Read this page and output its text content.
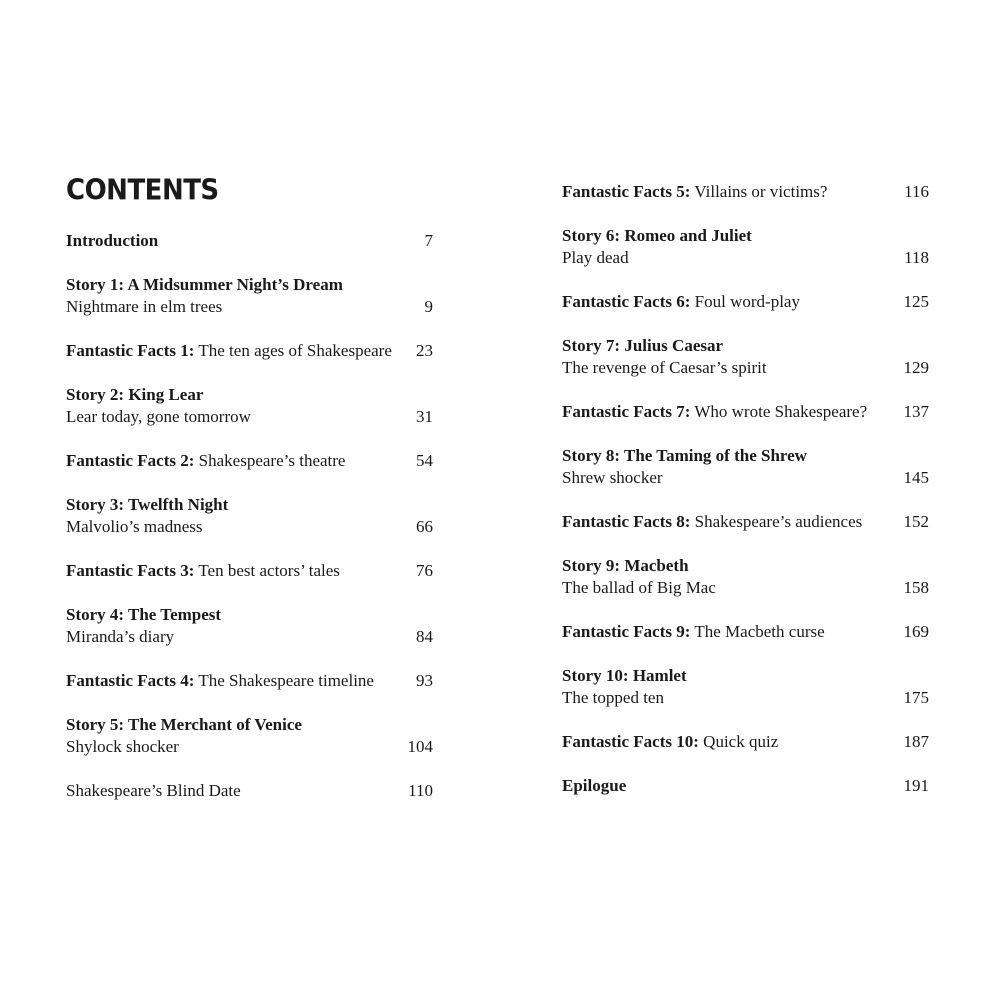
CONTENTS
Introduction	7
Story 1: A Midsummer Night’s Dream
Nightmare in elm trees	9
Fantastic Facts 1: The ten ages of Shakespeare 23
Story 2: King Lear
Lear today, gone tomorrow	31
Fantastic Facts 2: Shakespeare’s theatre	54
Story 3: Twelfth Night
Malvolio’s madness	66
Fantastic Facts 3: Ten best actors’ tales	76
Story 4: The Tempest
Miranda’s diary	84
Fantastic Facts 4: The Shakespeare timeline 93
Story 5: The Merchant of Venice
Shylock shocker	104
Shakespeare’s Blind Date	110
Fantastic Facts 5: Villains or victims?	116
Story 6: Romeo and Juliet
Play dead	118
Fantastic Facts 6: Foul word-play	125
Story 7: Julius Caesar
The revenge of Caesar’s spirit	129
Fantastic Facts 7: Who wrote Shakespeare? 137
Story 8: The Taming of the Shrew
Shrew shocker	145
Fantastic Facts 8: Shakespeare’s audiences 152
Story 9: Macbeth
The ballad of Big Mac	158
Fantastic Facts 9: The Macbeth curse	169
Story 10: Hamlet
The topped ten	175
Fantastic Facts 10: Quick quiz	187
Epilogue	191
